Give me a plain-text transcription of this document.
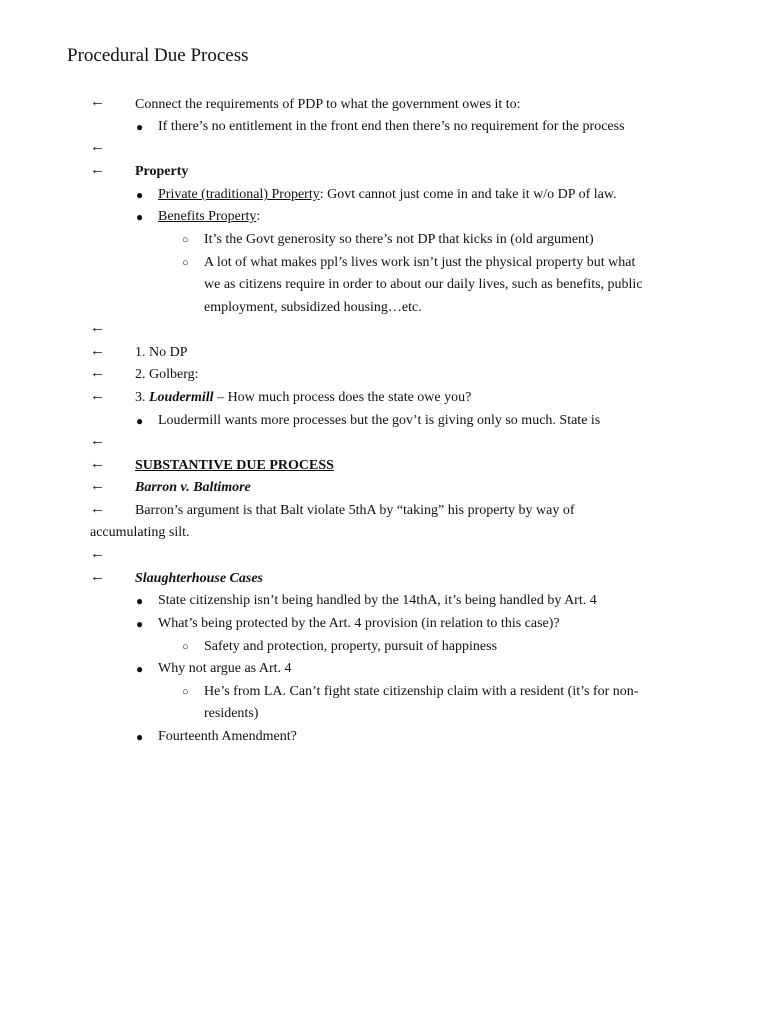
Procedural Due Process
← Connect the requirements of PDP to what the government owes it to:
● If there’s no entitlement in the front end then there’s no requirement for the process
←
← Property
● Private (traditional) Property: Govt cannot just come in and take it w/o DP of law.
● Benefits Property:
○ It’s the Govt generosity so there’s not DP that kicks in (old argument)
○ A lot of what makes ppl’s lives work isn’t just the physical property but what
we as citizens require in order to about our daily lives, such as benefits, public
employment, subsidized housing…etc.
←
← 1. No DP
← 2. Golberg:
← 3. Loudermill – How much process does the state owe you?
● Loudermill wants more processes but the gov’t is giving only so much. State is
←
← SUBSTANTIVE DUE PROCESS
← Barron v. Baltimore
← Barron’s argument is that Balt violate 5thA by “taking” his property by way of
accumulating silt.
←
← Slaughterhouse Cases
● State citizenship isn’t being handled by the 14thA, it’s being handled by Art. 4
● What’s being protected by the Art. 4 provision (in relation to this case)?
○ Safety and protection, property, pursuit of happiness
● Why not argue as Art. 4
○ He’s from LA. Can’t fight state citizenship claim with a resident (it’s for non-
residents)
● Fourteenth Amendment?
